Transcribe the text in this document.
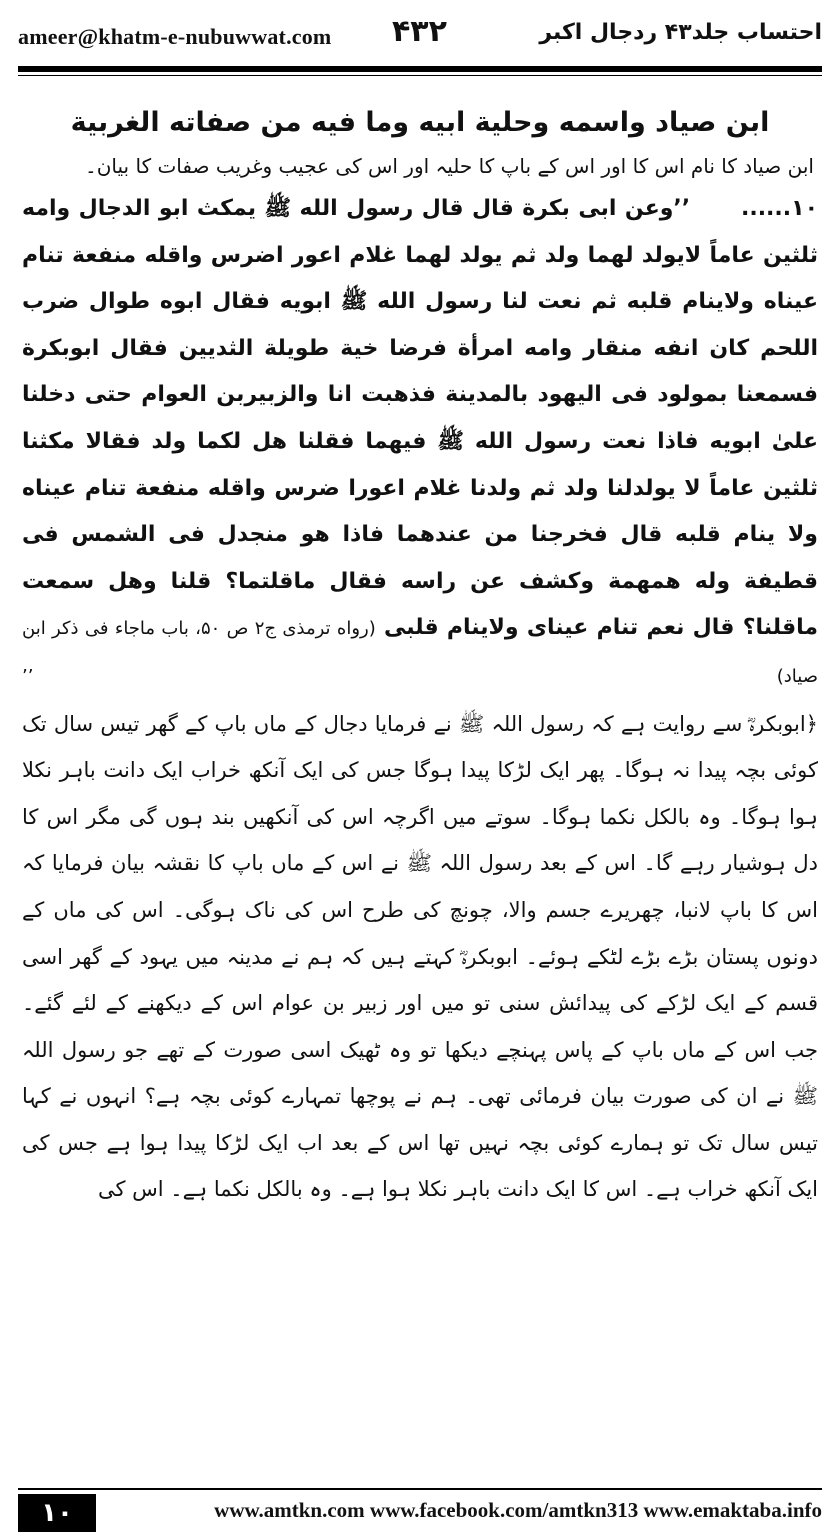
ameer@khatm-e-nubuwwat.com ۴۳۲	احتساب جلد۴۳ ردجال اکبر

ابن صياد واسمه وحلية ابيه وما فيه من صفاته الغربية

ابن صیاد کا نام اس کا اور اس کے باپ کا حلیہ اور اس کی عجیب وغریب صفات کا بیان۔

۱۰......      ’’وعن ابى بكرة قال قال رسول الله ﷺ يمكث ابو الدجال وامه ثلثين عاماً لايولد لهما ولد ثم يولد لهما غلام اعور اضرس واقله منفعة تنام عيناه ولاينام قلبه ثم نعت لنا رسول الله ﷺ ابويه فقال ابوه طوال ضرب اللحم كان انفه منقار وامه امرأة فرضا خية طويلة الثديين فقال ابوبكرة فسمعنا بمولود فى اليهود بالمدينة فذهبت انا والزبيربن العوام حتى دخلنا علىٰ ابويه فاذا نعت رسول الله ﷺ فيهما فقلنا هل لكما ولد فقالا مكثنا ثلثين عاماً لا يولدلنا ولد ثم ولدنا غلام اعورا ضرس واقله منفعة تنام عيناه ولا ينام قلبه قال فخرجنا من عندهما فاذا هو منجدل فى الشمس فى قطيفة وله همهمة وكشف عن راسه فقال ماقلتما؟ قلنا وهل سمعت ماقلنا؟ قال نعم تنام عيناى ولاينام قلبى (رواه ترمذی ج۲ ص ۵۰، باب ماجاء فى ذكر ابن صياد) ’’

﴿ابوبکرہؓ سے روایت ہے کہ رسول اللہ ﷺ نے فرمایا دجال کے ماں باپ کے گھر تیس سال تک کوئی بچہ پیدا نہ ہوگا۔ پھر ایک لڑکا پیدا ہوگا جس کی ایک آنکھ خراب ایک دانت باہر نکلا ہوا ہوگا۔ وہ بالکل نکما ہوگا۔ سوتے میں اگرچہ اس کی آنکھیں بند ہوں گی مگر اس کا دل ہوشیار رہے گا۔ اس کے بعد رسول اللہ ﷺ نے اس کے ماں باپ کا نقشہ بیان فرمایا کہ اس کا باپ لانبا، چھریرے جسم والا، چونچ کی طرح اس کی ناک ہوگی۔ اس کی ماں کے دونوں پستان بڑے بڑے لٹکے ہوئے۔ ابوبکرہؓ کہتے ہیں کہ ہم نے مدینہ میں یہود کے گھر اسی قسم کے ایک لڑکے کی پیدائش سنی تو میں اور زبیر بن عوام اس کے دیکھنے کے لئے گئے۔ جب اس کے ماں باپ کے پاس پہنچے دیکھا تو وہ ٹھیک اسی صورت کے تھے جو رسول اللہ ﷺ نے ان کی صورت بیان فرمائی تھی۔ ہم نے پوچھا تمہارے کوئی بچہ ہے؟ انہوں نے کہا تیس سال تک تو ہمارے کوئی بچہ نہیں تھا اس کے بعد اب ایک لڑکا پیدا ہوا ہے جس کی ایک آنکھ خراب ہے۔ اس کا ایک دانت باہر نکلا ہوا ہے۔ وہ بالکل نکما ہے۔ اس کی

۱۰	www.amtkn.com www.facebook.com/amtkn313 www.emaktaba.info
